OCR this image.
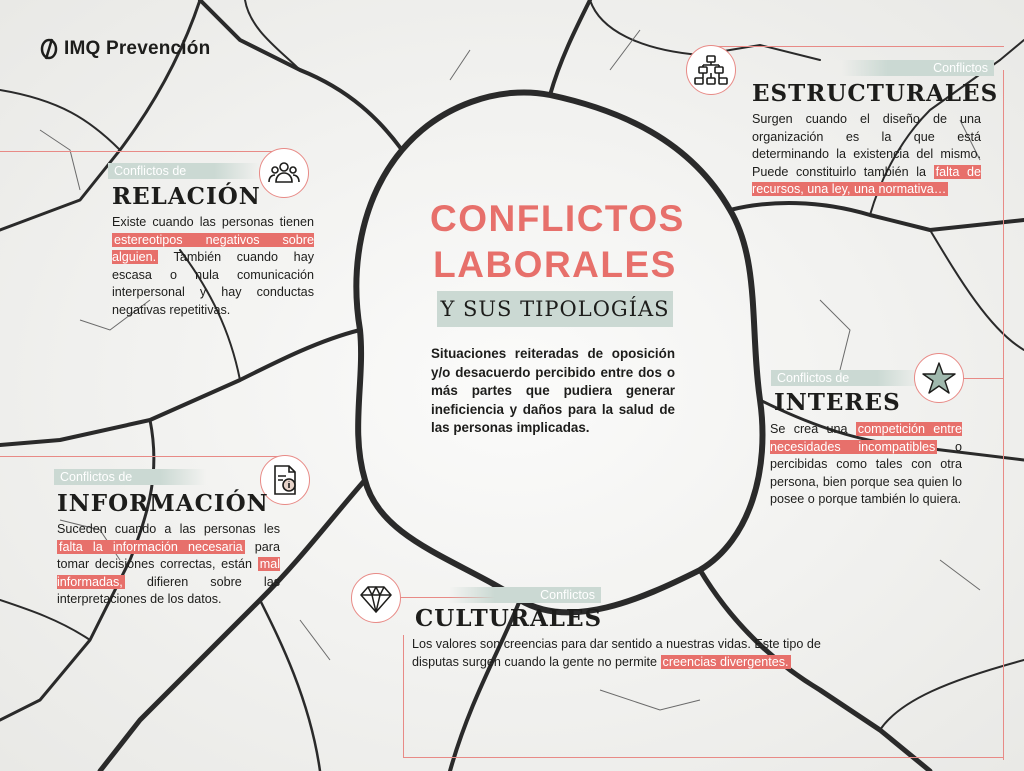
IMQ Prevención
CONFLICTOS
LABORALES
Y SUS TIPOLOGÍAS
Situaciones reiteradas de oposición y/o desacuerdo percibido entre dos o más partes que pudiera generar ineficiencia y daños para la salud de las personas implicadas.
Conflictos de
RELACIÓN
Existe cuando las personas tienen estereotipos negativos sobre alguien. También cuando hay escasa o nula comunicación interpersonal y hay conductas negativas repetitivas.
Conflictos
ESTRUCTURALES
Surgen cuando el diseño de una organización es la que está determinando la existencia del mismo. Puede constituirlo también la falta de recursos, una ley, una normativa…
Conflictos de
INTERES
Se crea una competición entre necesidades incompatibles o percibidas como tales con otra persona, bien porque sea quien lo posee o porque también lo quiera.
Conflictos de
INFORMACIÓN
Suceden cuando a las personas les falta la información necesaria para tomar decisiones correctas, están mal informadas, difieren sobre las interpretaciones de los datos.	Conflictos
CULTURALES
Los valores son creencias para dar sentido a nuestras vidas. Este tipo de disputas surgen cuando la gente no permite creencias divergentes.
